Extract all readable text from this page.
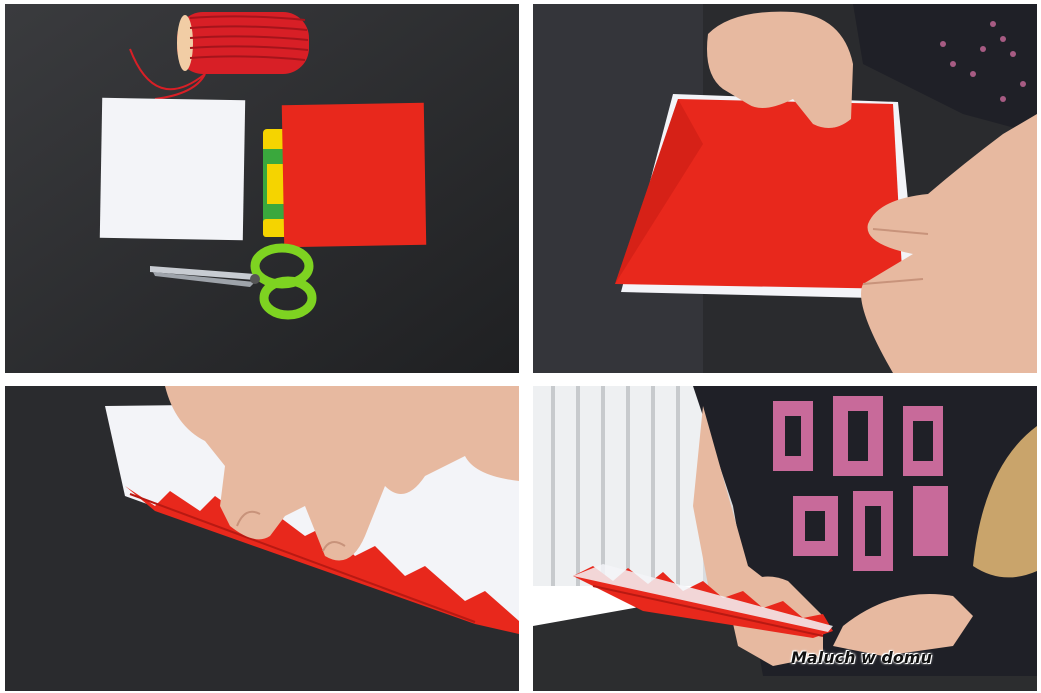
Maluch w domu
